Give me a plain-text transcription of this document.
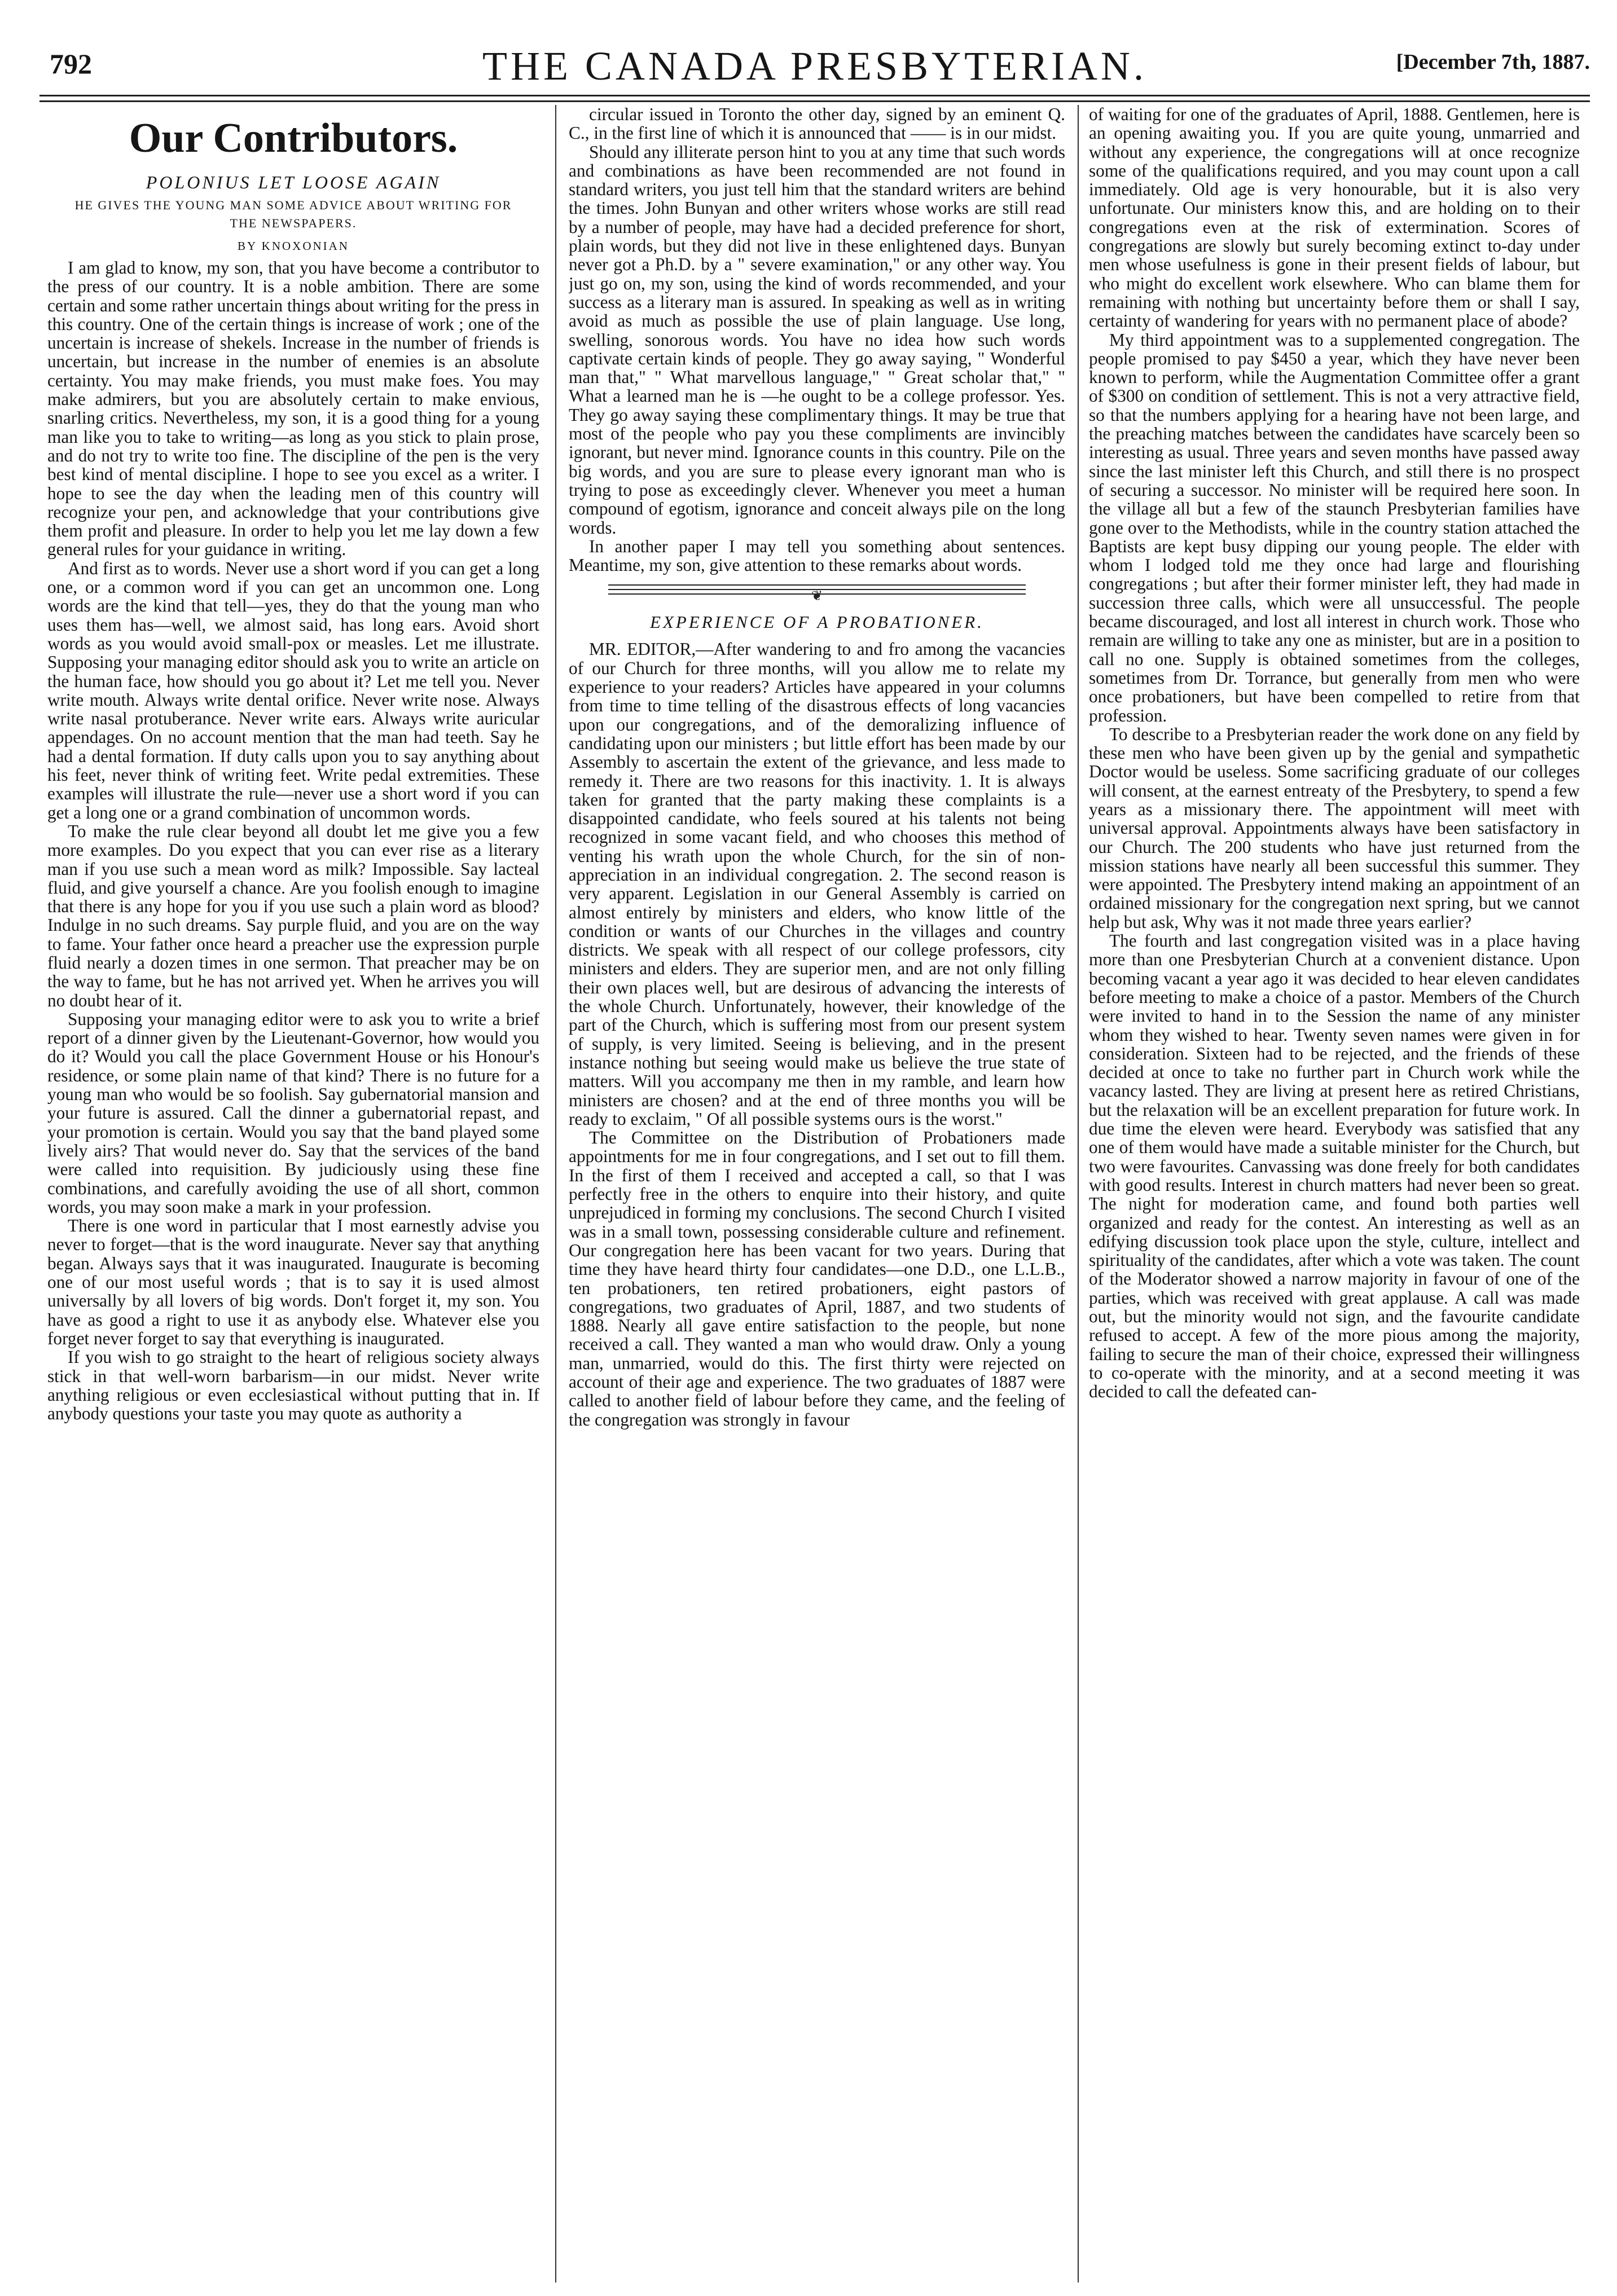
792	THE CANADA PRESBYTERIAN.	[December 7th, 1887.
Our Contributors.
POLONIUS LET LOOSE AGAIN
HE GIVES THE YOUNG MAN SOME ADVICE ABOUT WRITING FOR THE NEWSPAPERS.
BY KNOXONIAN

I am glad to know, my son, that you have become a contributor to the press of our country. It is a noble ambition. There are some certain and some rather uncertain things about writing for the press in this country. One of the certain things is increase of work ; one of the uncertain is increase of shekels. Increase in the number of friends is uncertain, but increase in the number of enemies is an absolute certainty. You may make friends, you must make foes. You may make admirers, but you are absolutely certain to make envious, snarling critics. Nevertheless, my son, it is a good thing for a young man like you to take to writing—as long as you stick to plain prose, and do not try to write too fine. The discipline of the pen is the very best kind of mental discipline. I hope to see you excel as a writer. I hope to see the day when the leading men of this country will recognize your pen, and acknowledge that your contributions give them profit and pleasure. In order to help you let me lay down a few general rules for your guidance in writing.

And first as to words. Never use a short word if you can get a long one, or a common word if you can get an uncommon one. Long words are the kind that tell—yes, they do that the young man who uses them has—well, we almost said, has long ears. Avoid short words as you would avoid small-pox or measles. Let me illustrate. Supposing your managing editor should ask you to write an article on the human face, how should you go about it? Let me tell you. Never write mouth. Always write dental orifice. Never write nose. Always write nasal protuberance. Never write ears. Always write auricular appendages. On no account mention that the man had teeth. Say he had a dental formation. If duty calls upon you to say anything about his feet, never think of writing feet. Write pedal extremities. These examples will illustrate the rule—never use a short word if you can get a long one or a grand combination of uncommon words.

To make the rule clear beyond all doubt let me give you a few more examples. Do you expect that you can ever rise as a literary man if you use such a mean word as milk? Impossible. Say lacteal fluid, and give yourself a chance. Are you foolish enough to imagine that there is any hope for you if you use such a plain word as blood? Indulge in no such dreams. Say purple fluid, and you are on the way to fame. Your father once heard a preacher use the expression purple fluid nearly a dozen times in one sermon. That preacher may be on the way to fame, but he has not arrived yet. When he arrives you will no doubt hear of it.

Supposing your managing editor were to ask you to write a brief report of a dinner given by the Lieutenant-Governor, how would you do it? Would you call the place Government House or his Honour's residence, or some plain name of that kind? There is no future for a young man who would be so foolish. Say gubernatorial mansion and your future is assured. Call the dinner a gubernatorial repast, and your promotion is certain. Would you say that the band played some lively airs? That would never do. Say that the services of the band were called into requisition. By judiciously using these fine combinations, and carefully avoiding the use of all short, common words, you may soon make a mark in your profession.

There is one word in particular that I most earnestly advise you never to forget—that is the word inaugurate. Never say that anything began. Always says that it was inaugurated. Inaugurate is becoming one of our most useful words ; that is to say it is used almost universally by all lovers of big words. Don't forget it, my son. You have as good a right to use it as anybody else. Whatever else you forget never forget to say that everything is inaugurated.

If you wish to go straight to the heart of religious society always stick in that well-worn barbarism—in our midst. Never write anything religious or even ecclesiastical without putting that in. If anybody questions your taste you may quote as authority a

circular issued in Toronto the other day, signed by an eminent Q. C., in the first line of which it is announced that —— is in our midst.

Should any illiterate person hint to you at any time that such words and combinations as have been recommended are not found in standard writers, you just tell him that the standard writers are behind the times. John Bunyan and other writers whose works are still read by a number of people, may have had a decided preference for short, plain words, but they did not live in these enlightened days. Bunyan never got a Ph.D. by a " severe examination," or any other way. You just go on, my son, using the kind of words recommended, and your success as a literary man is assured. In speaking as well as in writing avoid as much as possible the use of plain language. Use long, swelling, sonorous words. You have no idea how such words captivate certain kinds of people. They go away saying, " Wonderful man that," " What marvellous language," " Great scholar that," " What a learned man he is —he ought to be a college professor. Yes. They go away saying these complimentary things. It may be true that most of the people who pay you these compliments are invincibly ignorant, but never mind. Ignorance counts in this country. Pile on the big words, and you are sure to please every ignorant man who is trying to pose as exceedingly clever. Whenever you meet a human compound of egotism, ignorance and conceit always pile on the long words.

In another paper I may tell you something about sentences. Meantime, my son, give attention to these remarks about words.

❦
EXPERIENCE OF A PROBATIONER.

MR. EDITOR,—After wandering to and fro among the vacancies of our Church for three months, will you allow me to relate my experience to your readers? Articles have appeared in your columns from time to time telling of the disastrous effects of long vacancies upon our congregations, and of the demoralizing influence of candidating upon our ministers ; but little effort has been made by our Assembly to ascertain the extent of the grievance, and less made to remedy it. There are two reasons for this inactivity. 1. It is always taken for granted that the party making these complaints is a disappointed candidate, who feels soured at his talents not being recognized in some vacant field, and who chooses this method of venting his wrath upon the whole Church, for the sin of non-appreciation in an individual congregation. 2. The second reason is very apparent. Legislation in our General Assembly is carried on almost entirely by ministers and elders, who know little of the condition or wants of our Churches in the villages and country districts. We speak with all respect of our college professors, city ministers and elders. They are superior men, and are not only filling their own places well, but are desirous of advancing the interests of the whole Church. Unfortunately, however, their knowledge of the part of the Church, which is suffering most from our present system of supply, is very limited. Seeing is believing, and in the present instance nothing but seeing would make us believe the true state of matters. Will you accompany me then in my ramble, and learn how ministers are chosen? and at the end of three months you will be ready to exclaim, " Of all possible systems ours is the worst."

The Committee on the Distribution of Probationers made appointments for me in four congregations, and I set out to fill them. In the first of them I received and accepted a call, so that I was perfectly free in the others to enquire into their history, and quite unprejudiced in forming my conclusions. The second Church I visited was in a small town, possessing considerable culture and refinement. Our congregation here has been vacant for two years. During that time they have heard thirty four candidates—one D.D., one L.L.B., ten probationers, ten retired probationers, eight pastors of congregations, two graduates of April, 1887, and two students of 1888. Nearly all gave entire satisfaction to the people, but none received a call. They wanted a man who would draw. Only a young man, unmarried, would do this. The first thirty were rejected on account of their age and experience. The two graduates of 1887 were called to another field of labour before they came, and the feeling of the congregation was strongly in favour

of waiting for one of the graduates of April, 1888. Gentlemen, here is an opening awaiting you. If you are quite young, unmarried and without any experience, the congregations will at once recognize some of the qualifications required, and you may count upon a call immediately. Old age is very honourable, but it is also very unfortunate. Our ministers know this, and are holding on to their congregations even at the risk of extermination. Scores of congregations are slowly but surely becoming extinct to-day under men whose usefulness is gone in their present fields of labour, but who might do excellent work elsewhere. Who can blame them for remaining with nothing but uncertainty before them or shall I say, certainty of wandering for years with no permanent place of abode?

My third appointment was to a supplemented congregation. The people promised to pay $450 a year, which they have never been known to perform, while the Augmentation Committee offer a grant of $300 on condition of settlement. This is not a very attractive field, so that the numbers applying for a hearing have not been large, and the preaching matches between the candidates have scarcely been so interesting as usual. Three years and seven months have passed away since the last minister left this Church, and still there is no prospect of securing a successor. No minister will be required here soon. In the village all but a few of the staunch Presbyterian families have gone over to the Methodists, while in the country station attached the Baptists are kept busy dipping our young people. The elder with whom I lodged told me they once had large and flourishing congregations ; but after their former minister left, they had made in succession three calls, which were all unsuccessful. The people became discouraged, and lost all interest in church work. Those who remain are willing to take any one as minister, but are in a position to call no one. Supply is obtained sometimes from the colleges, sometimes from Dr. Torrance, but generally from men who were once probationers, but have been compelled to retire from that profession.

To describe to a Presbyterian reader the work done on any field by these men who have been given up by the genial and sympathetic Doctor would be useless. Some sacrificing graduate of our colleges will consent, at the earnest entreaty of the Presbytery, to spend a few years as a missionary there. The appointment will meet with universal approval. Appointments always have been satisfactory in our Church. The 200 students who have just returned from the mission stations have nearly all been successful this summer. They were appointed. The Presbytery intend making an appointment of an ordained missionary for the congregation next spring, but we cannot help but ask, Why was it not made three years earlier?

The fourth and last congregation visited was in a place having more than one Presbyterian Church at a convenient distance. Upon becoming vacant a year ago it was decided to hear eleven candidates before meeting to make a choice of a pastor. Members of the Church were invited to hand in to the Session the name of any minister whom they wished to hear. Twenty seven names were given in for consideration. Sixteen had to be rejected, and the friends of these decided at once to take no further part in Church work while the vacancy lasted. They are living at present here as retired Christians, but the relaxation will be an excellent preparation for future work. In due time the eleven were heard. Everybody was satisfied that any one of them would have made a suitable minister for the Church, but two were favourites. Canvassing was done freely for both candidates with good results. Interest in church matters had never been so great. The night for moderation came, and found both parties well organized and ready for the contest. An interesting as well as an edifying discussion took place upon the style, culture, intellect and spirituality of the candidates, after which a vote was taken. The count of the Moderator showed a narrow majority in favour of one of the parties, which was received with great applause. A call was made out, but the minority would not sign, and the favourite candidate refused to accept. A few of the more pious among the majority, failing to secure the man of their choice, expressed their willingness to co-operate with the minority, and at a second meeting it was decided to call the defeated can-
